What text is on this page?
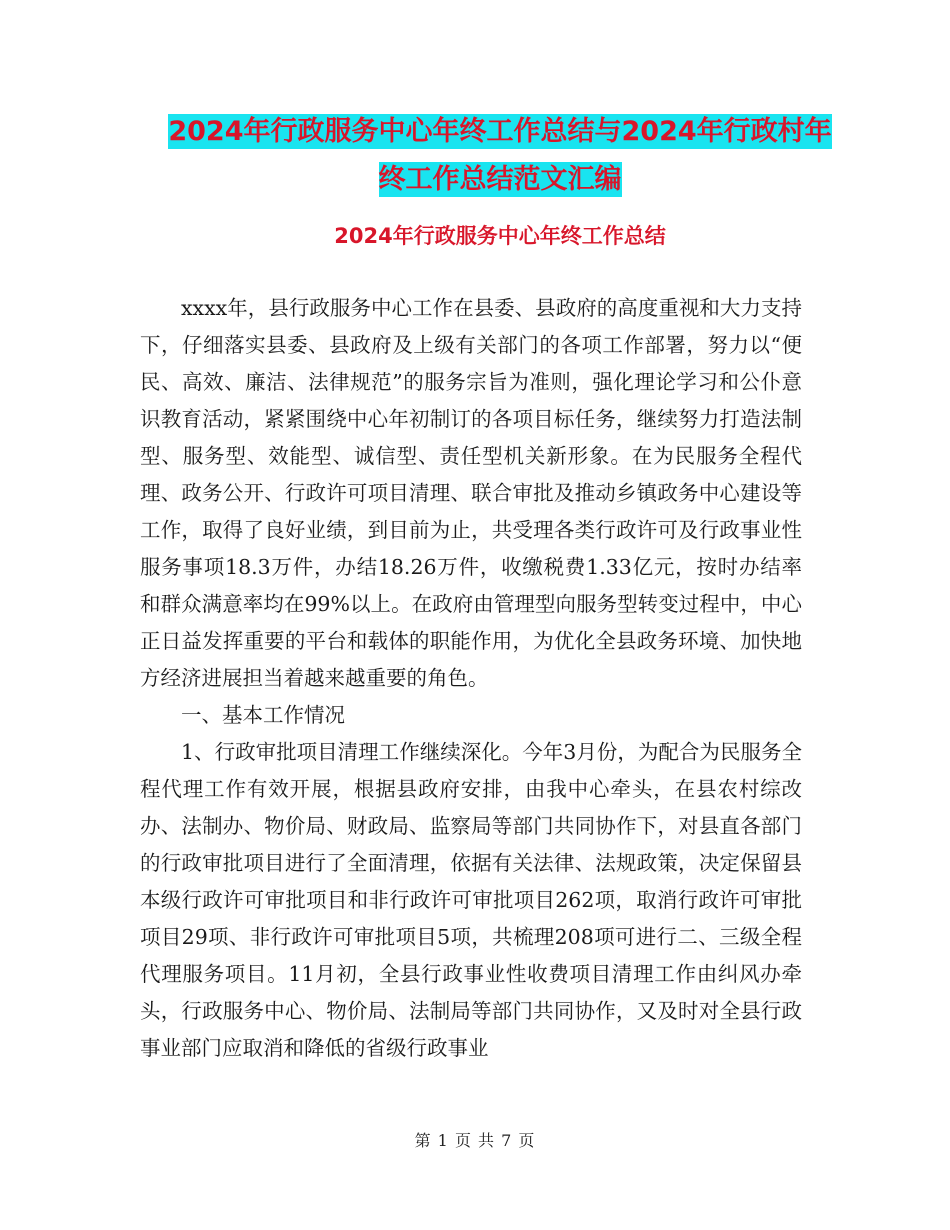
2024年行政服务中心年终工作总结与2024年行政村年
终工作总结范文汇编
2024年行政服务中心年终工作总结

xxxx年，县行政服务中心工作在县委、县政府的高度重视和大力支持下，仔细落实县委、县政府及上级有关部门的各项工作部署，努力以“便民、高效、廉洁、法律规范”的服务宗旨为准则，强化理论学习和公仆意识教育活动，紧紧围绕中心年初制订的各项目标任务，继续努力打造法制型、服务型、效能型、诚信型、责任型机关新形象。在为民服务全程代理、政务公开、行政许可项目清理、联合审批及推动乡镇政务中心建设等工作，取得了良好业绩，到目前为止，共受理各类行政许可及行政事业性服务事项18.3万件，办结18.26万件，收缴税费1.33亿元，按时办结率和群众满意率均在99%以上。在政府由管理型向服务型转变过程中，中心正日益发挥重要的平台和载体的职能作用，为优化全县政务环境、加快地方经济进展担当着越来越重要的角色。

一、基本工作情况

1、行政审批项目清理工作继续深化。今年3月份，为配合为民服务全程代理工作有效开展，根据县政府安排，由我中心牵头，在县农村综改办、法制办、物价局、财政局、监察局等部门共同协作下，对县直各部门的行政审批项目进行了全面清理，依据有关法律、法规政策，决定保留县本级行政许可审批项目和非行政许可审批项目262项，取消行政许可审批项目29项、非行政许可审批项目5项，共梳理208项可进行二、三级全程代理服务项目。11月初，全县行政事业性收费项目清理工作由纠风办牵头，行政服务中心、物价局、法制局等部门共同协作，又及时对全县行政事业部门应取消和降低的省级行政事业

第 1 页 共 7 页
